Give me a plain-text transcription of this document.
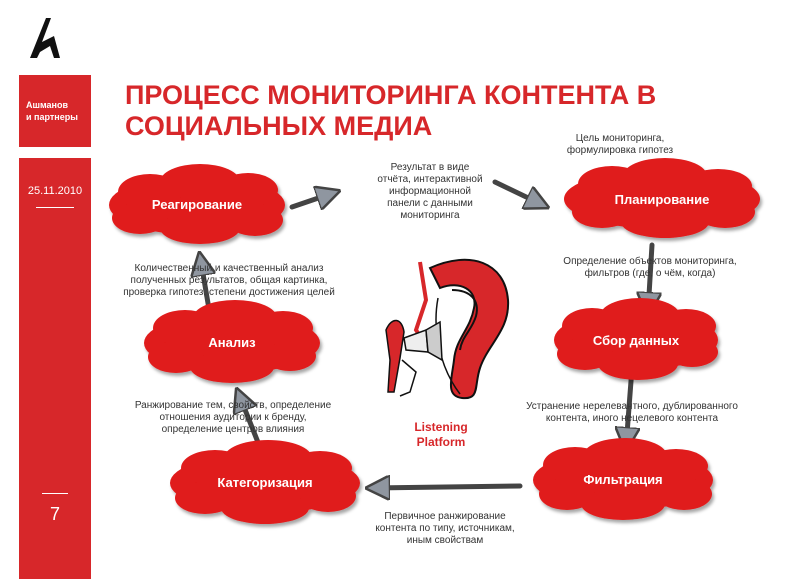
Ашманов
и партнеры
25.11.2010
7
ПРОЦЕСС МОНИТОРИНГА КОНТЕНТА В СОЦИАЛЬНЫХ МЕДИА
Реагирование	Планирование
Сбор данных
Фильтрация
Категоризация
Анализ
Результат в виде
отчёта, интерактивной
информационной
панели с данными
мониторинга
Цель мониторинга,
формулировка гипотез
Определение объектов мониторинга,
фильтров (где, о чём, когда)
Устранение нерелевантного, дублированного
контента, иного нецелевого контента
Первичное ранжирование
контента по типу, источникам,
иным свойствам
Ранжирование тем, свойств, определение
отношения аудитории к бренду,
определение центров влияния
Количественный и качественный анализ
полученных результатов, общая картинка,
проверка гипотез, степени достижения целей
Listening
Platform
